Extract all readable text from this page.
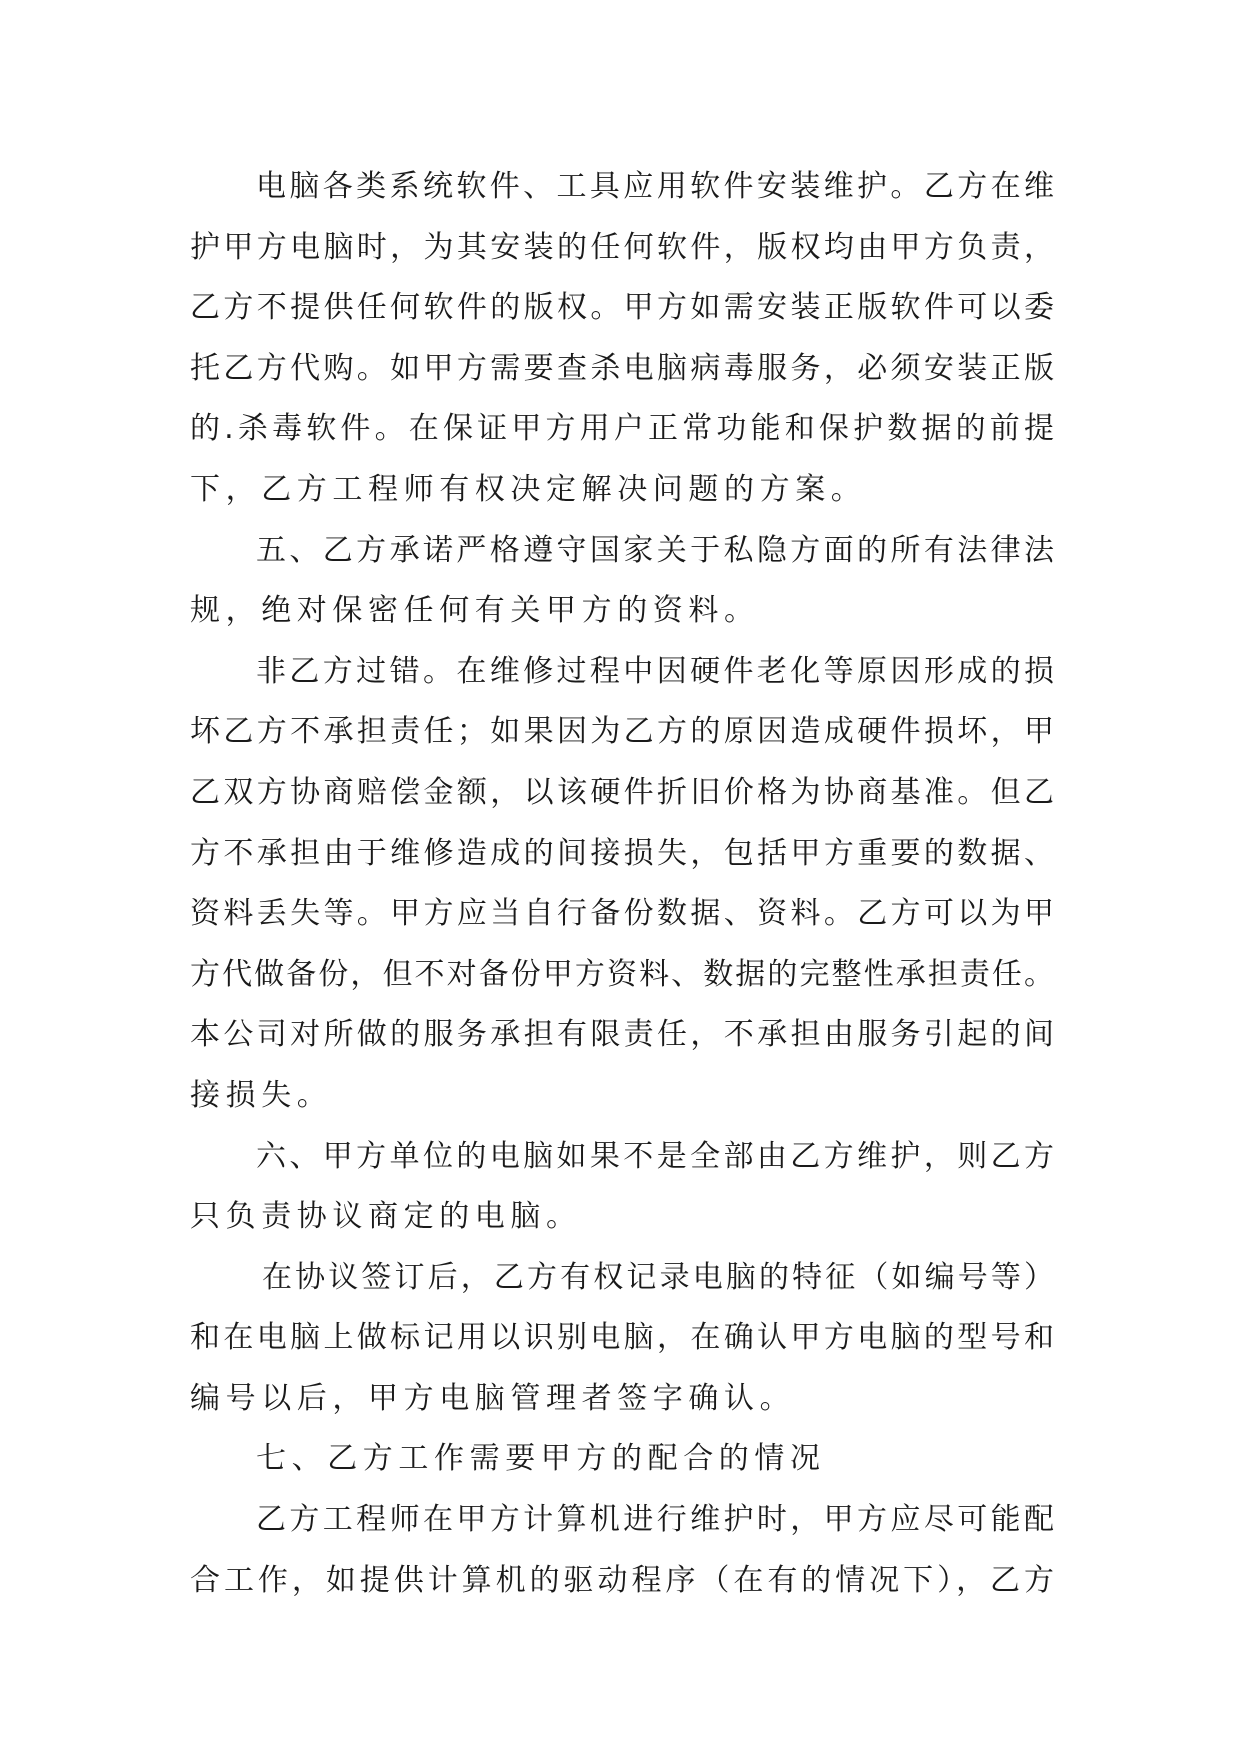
电脑各类系统软件、工具应用软件安装维护。乙方在维
护甲方电脑时，为其安装的任何软件，版权均由甲方负责，
乙方不提供任何软件的版权。甲方如需安装正版软件可以委
托乙方代购。如甲方需要查杀电脑病毒服务，必须安装正版
的.杀毒软件。在保证甲方用户正常功能和保护数据的前提
下，乙方工程师有权决定解决问题的方案。
五、乙方承诺严格遵守国家关于私隐方面的所有法律法
规，绝对保密任何有关甲方的资料。
非乙方过错。在维修过程中因硬件老化等原因形成的损
坏乙方不承担责任；如果因为乙方的原因造成硬件损坏，甲
乙双方协商赔偿金额，以该硬件折旧价格为协商基准。但乙
方不承担由于维修造成的间接损失，包括甲方重要的数据、
资料丢失等。甲方应当自行备份数据、资料。乙方可以为甲
方代做备份，但不对备份甲方资料、数据的完整性承担责任。
本公司对所做的服务承担有限责任，不承担由服务引起的间
接损失。
六、甲方单位的电脑如果不是全部由乙方维护，则乙方
只负责协议商定的电脑。
在协议签订后，乙方有权记录电脑的特征（如编号等）
和在电脑上做标记用以识别电脑，在确认甲方电脑的型号和
编号以后，甲方电脑管理者签字确认。
七、乙方工作需要甲方的配合的情况
乙方工程师在甲方计算机进行维护时，甲方应尽可能配
合工作，如提供计算机的驱动程序（在有的情况下），乙方
